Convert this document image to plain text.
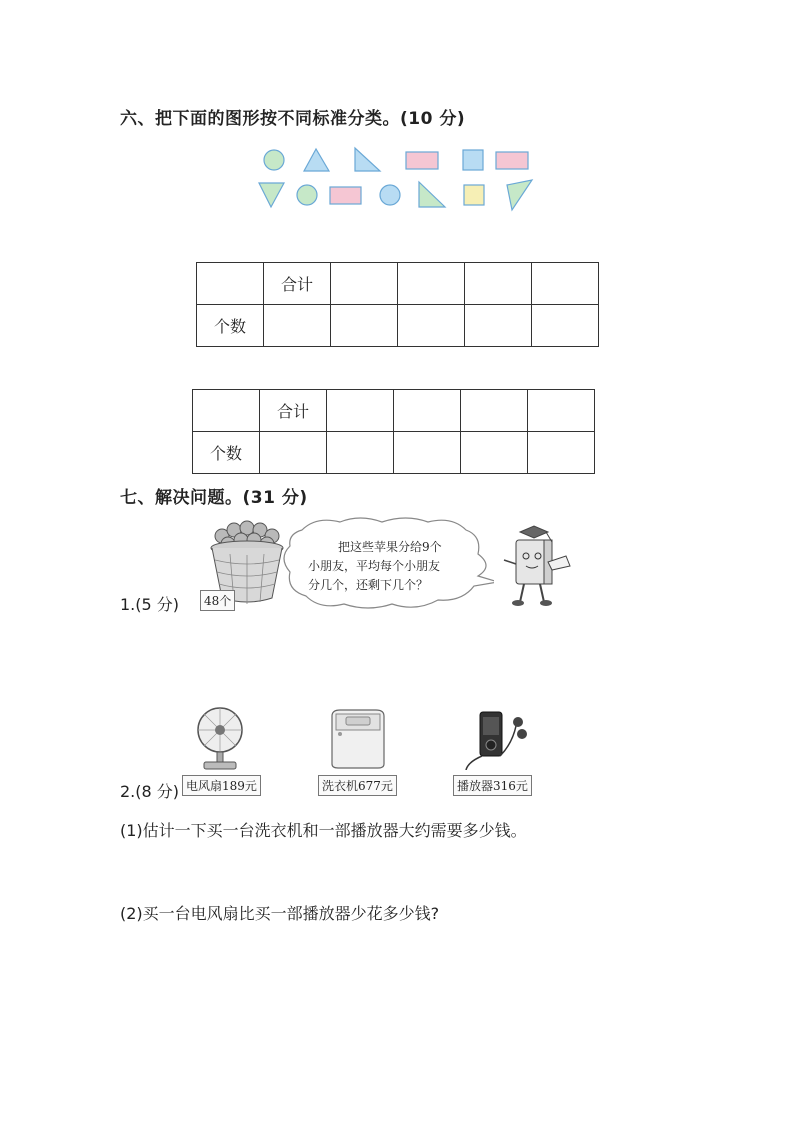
六、把下面的图形按不同标准分类。(10 分)
	合计				
个数					
	合计				
个数					
七、解决问题。(31 分)
1.(5 分)	48个
把这些苹果分给9个
小朋友，平均每个小朋友
分几个，还剩下几个？
2.(8 分) 电风扇189元	洗衣机677元	播放器316元
(1)估计一下买一台洗衣机和一部播放器大约需要多少钱。
(2)买一台电风扇比买一部播放器少花多少钱?
